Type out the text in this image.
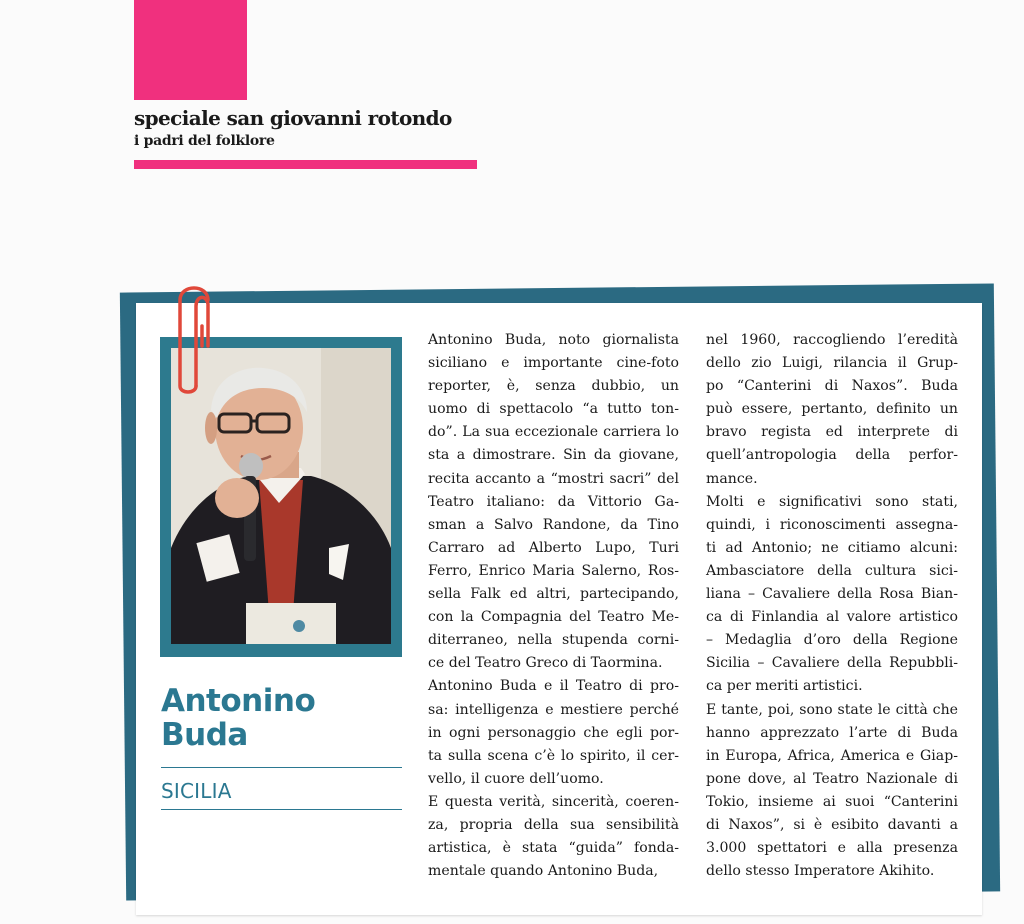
speciale san giovanni rotondo
i padri del folklore
Antonino
Buda
SICILIA
Antonino Buda, noto giornalista
siciliano e importante cine-foto
reporter, è, senza dubbio, un
uomo di spettacolo “a tutto ton-
do”. La sua eccezionale carriera lo
sta a dimostrare. Sin da giovane,
recita accanto a “mostri sacri” del
Teatro italiano: da Vittorio Ga-
sman a Salvo Randone, da Tino
Carraro ad Alberto Lupo, Turi
Ferro, Enrico Maria Salerno, Ros-
sella Falk ed altri, partecipando,
con la Compagnia del Teatro Me-
diterraneo, nella stupenda corni-
ce del Teatro Greco di Taormina.
Antonino Buda e il Teatro di pro-
sa: intelligenza e mestiere perché
in ogni personaggio che egli por-
ta sulla scena c’è lo spirito, il cer-
vello, il cuore dell’uomo.
E questa verità, sincerità, coeren-
za, propria della sua sensibilità
artistica, è stata “guida” fonda-
mentale quando Antonino Buda,
nel 1960, raccogliendo l’eredità
dello zio Luigi, rilancia il Grup-
po “Canterini di Naxos”. Buda
può essere, pertanto, definito un
bravo regista ed interprete di
quell’antropologia della perfor-
mance.
Molti e significativi sono stati,
quindi, i riconoscimenti assegna-
ti ad Antonio; ne citiamo alcuni:
Ambasciatore della cultura sici-
liana – Cavaliere della Rosa Bian-
ca di Finlandia al valore artistico
– Medaglia d’oro della Regione
Sicilia – Cavaliere della Repubbli-
ca per meriti artistici.
E tante, poi, sono state le città che
hanno apprezzato l’arte di Buda
in Europa, Africa, America e Giap-
pone dove, al Teatro Nazionale di
Tokio, insieme ai suoi “Canterini
di Naxos”, si è esibito davanti a
3.000 spettatori e alla presenza
dello stesso Imperatore Akihito.
